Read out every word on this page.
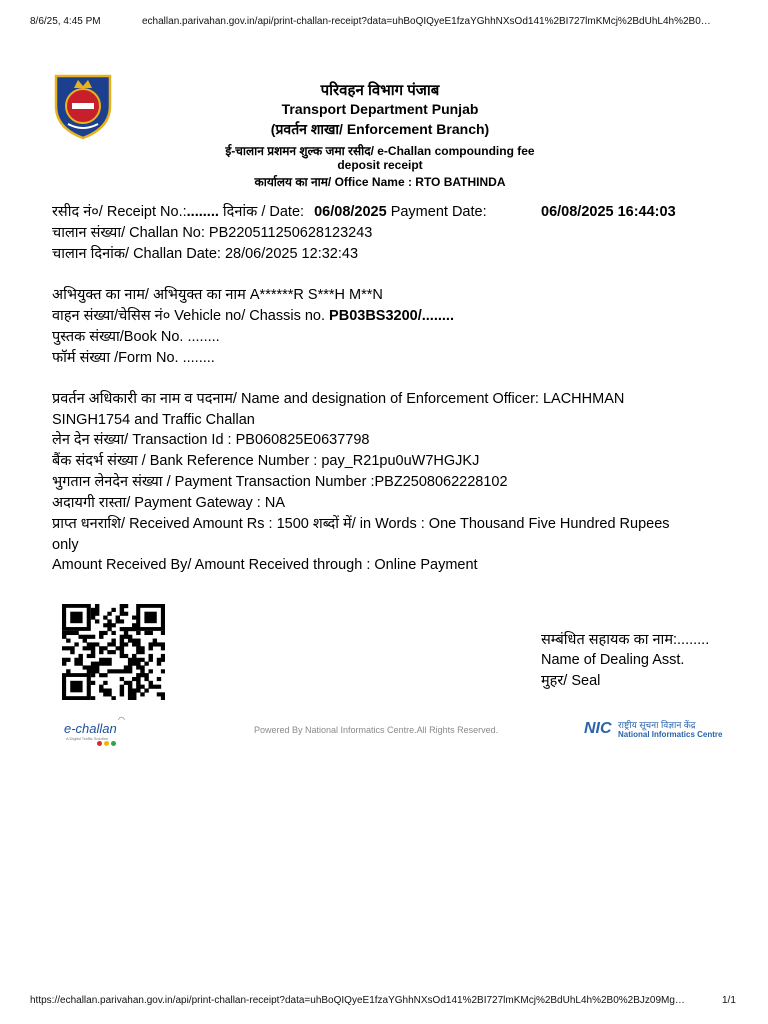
8/6/25, 4:45 PM	echallan.parivahan.gov.in/api/print-challan-receipt?data=uhBoQIQyeE1fzaYGhhNXsOd141%2BI727lmKMcj%2BdUhL4h%2B0…
परिवहन विभाग पंजाब
Transport Department Punjab
(प्रवर्तन शाखा/ Enforcement Branch)
ई-चालान प्रशमन शुल्क जमा रसीद/ e-Challan compounding fee
deposit receipt
कार्यालय का नाम/ Office Name : RTO BATHINDA
रसीद नं०/ Receipt No.:........ दिनांक / Date: 06/08/2025 Payment Date:	06/08/2025 16:44:03
चालान संख्या/ Challan No: PB220511250628123243
चालान दिनांक/ Challan Date: 28/06/2025 12:32:43
अभियुक्त का नाम/ अभियुक्त का नाम A******R S***H M**N
वाहन संख्या/चेसिस नं० Vehicle no/ Chassis no. PB03BS3200/........
पुस्तक संख्या/Book No. ........
फॉर्म संख्या /Form No. ........
प्रवर्तन अधिकारी का नाम व पदनाम/ Name and designation of Enforcement Officer: LACHHMAN SINGH1754 and Traffic Challan
लेन देन संख्या/ Transaction Id : PB060825E0637798
बैंक संदर्भ संख्या / Bank Reference Number : pay_R21pu0uW7HGJKJ
भुगतान लेनदेन संख्या / Payment Transaction Number :PBZ2508062228102
अदायगी रास्ता/ Payment Gateway : NA
प्राप्त धनराशि/ Received Amount Rs : 1500 शब्दों में/ in Words : One Thousand Five Hundred Rupees only
Amount Received By/ Amount Received through : Online Payment
सम्बंधित सहायक का नाम:........
Name of Dealing Asst.
मुहर/ Seal
e-challan
◠
A Digital Traffic Solution
Powered By National Informatics Centre.All Rights Reserved.	NIC राष्ट्रीय सूचना विज्ञान केंद्र
National Informatics Centre
https://echallan.parivahan.gov.in/api/print-challan-receipt?data=uhBoQIQyeE1fzaYGhhNXsOd141%2BI727lmKMcj%2BdUhL4h%2B0%2BJz09Mg…	1/1
